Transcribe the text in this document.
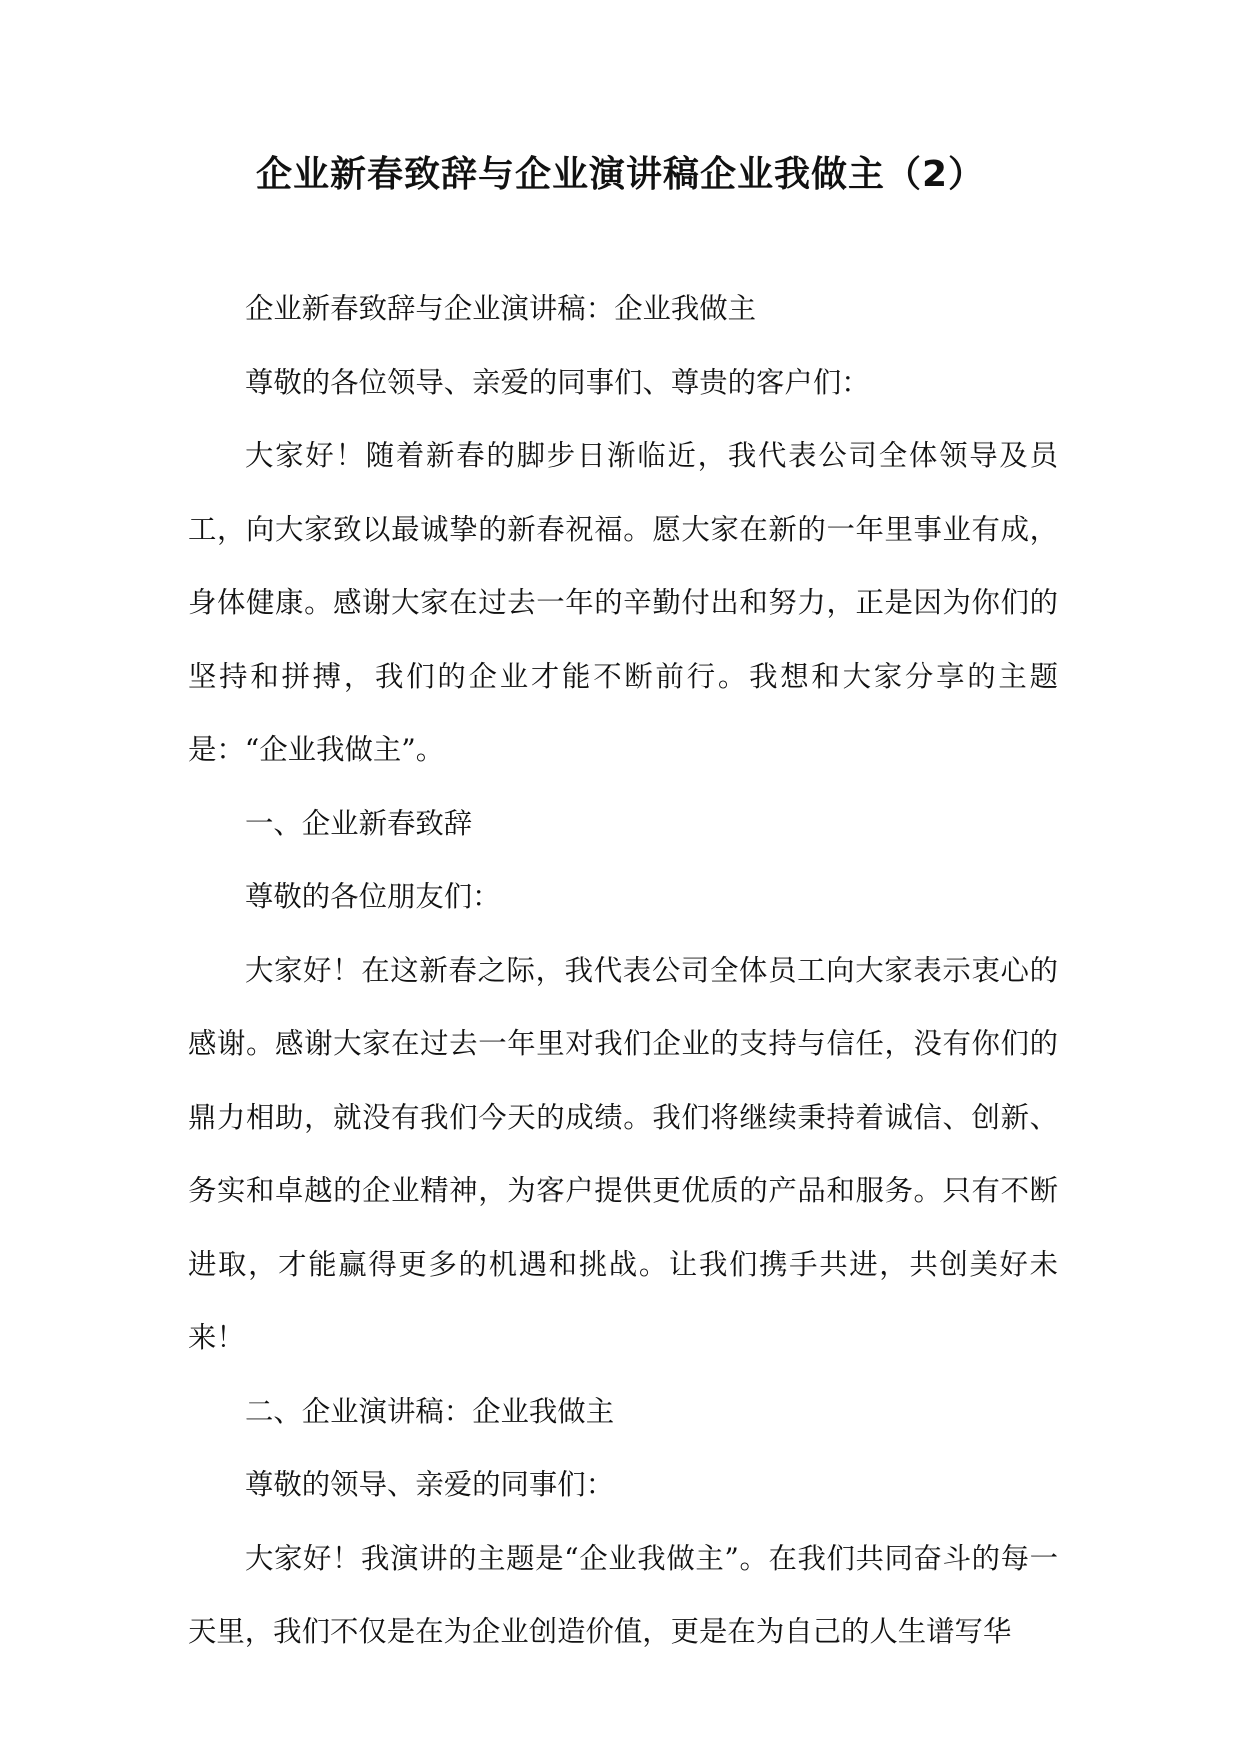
企业新春致辞与企业演讲稿企业我做主（2）

企业新春致辞与企业演讲稿：企业我做主

尊敬的各位领导、亲爱的同事们、尊贵的客户们：

大家好！随着新春的脚步日渐临近，我代表公司全体领导及员工，向大家致以最诚挚的新春祝福。愿大家在新的一年里事业有成，身体健康。感谢大家在过去一年的辛勤付出和努力，正是因为你们的坚持和拼搏，我们的企业才能不断前行。我想和大家分享的主题是：“企业我做主”。

一、企业新春致辞

尊敬的各位朋友们：

大家好！在这新春之际，我代表公司全体员工向大家表示衷心的感谢。感谢大家在过去一年里对我们企业的支持与信任，没有你们的鼎力相助，就没有我们今天的成绩。我们将继续秉持着诚信、创新、务实和卓越的企业精神，为客户提供更优质的产品和服务。只有不断进取，才能赢得更多的机遇和挑战。让我们携手共进，共创美好未来！

二、企业演讲稿：企业我做主

尊敬的领导、亲爱的同事们：

大家好！我演讲的主题是“企业我做主”。在我们共同奋斗的每一天里，我们不仅是在为企业创造价值，更是在为自己的人生谱写华
